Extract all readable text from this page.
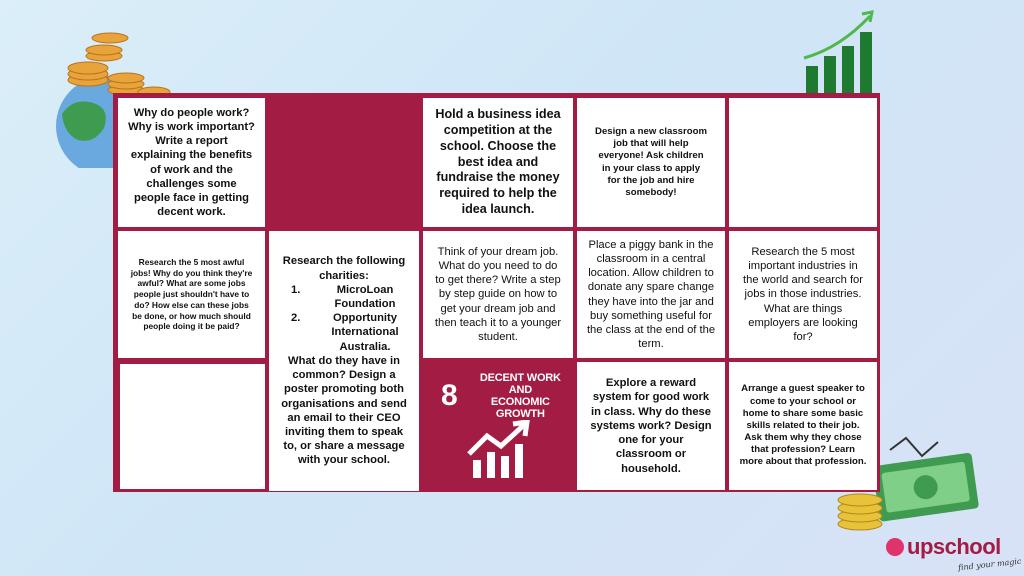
Why do people work? Why is work important? Write a report explaining the benefits of work and the challenges some people face in getting decent work.
Hold a business idea competition at the school. Choose the best idea and fundraise the money required to help the idea launch.
Design a new classroom job that will help everyone! Ask children in your class to apply for the job and hire somebody!
Research the 5 most awful jobs! Why do you think they're awful? What are some jobs people just shouldn't have to do? How else can these jobs be done, or how much should people doing it be paid?
Research the following charities:
1.	MicroLoan Foundation
2.	Opportunity International Australia.
What do they have in common? Design a poster promoting both organisations and send an email to their CEO inviting them to speak to, or share a message with your school.
Think of your dream job. What do you need to do to get there? Write a step by step guide on how to get your dream job and then teach it to a younger student.
Place a piggy bank in the classroom in a central location. Allow children to donate any spare change they have into the jar and buy something useful for the class at the end of the term.
Research the 5 most important industries in the world and search for jobs in those industries. What are things employers are looking for?
8
DECENT WORK AND
ECONOMIC GROWTH
Explore a reward system for good work in class. Why do these systems work? Design one for your classroom or household.
Arrange a guest speaker to come to your school or home to share some basic skills related to their job. Ask them why they chose that profession? Learn more about that profession.
upschool
find your magic
